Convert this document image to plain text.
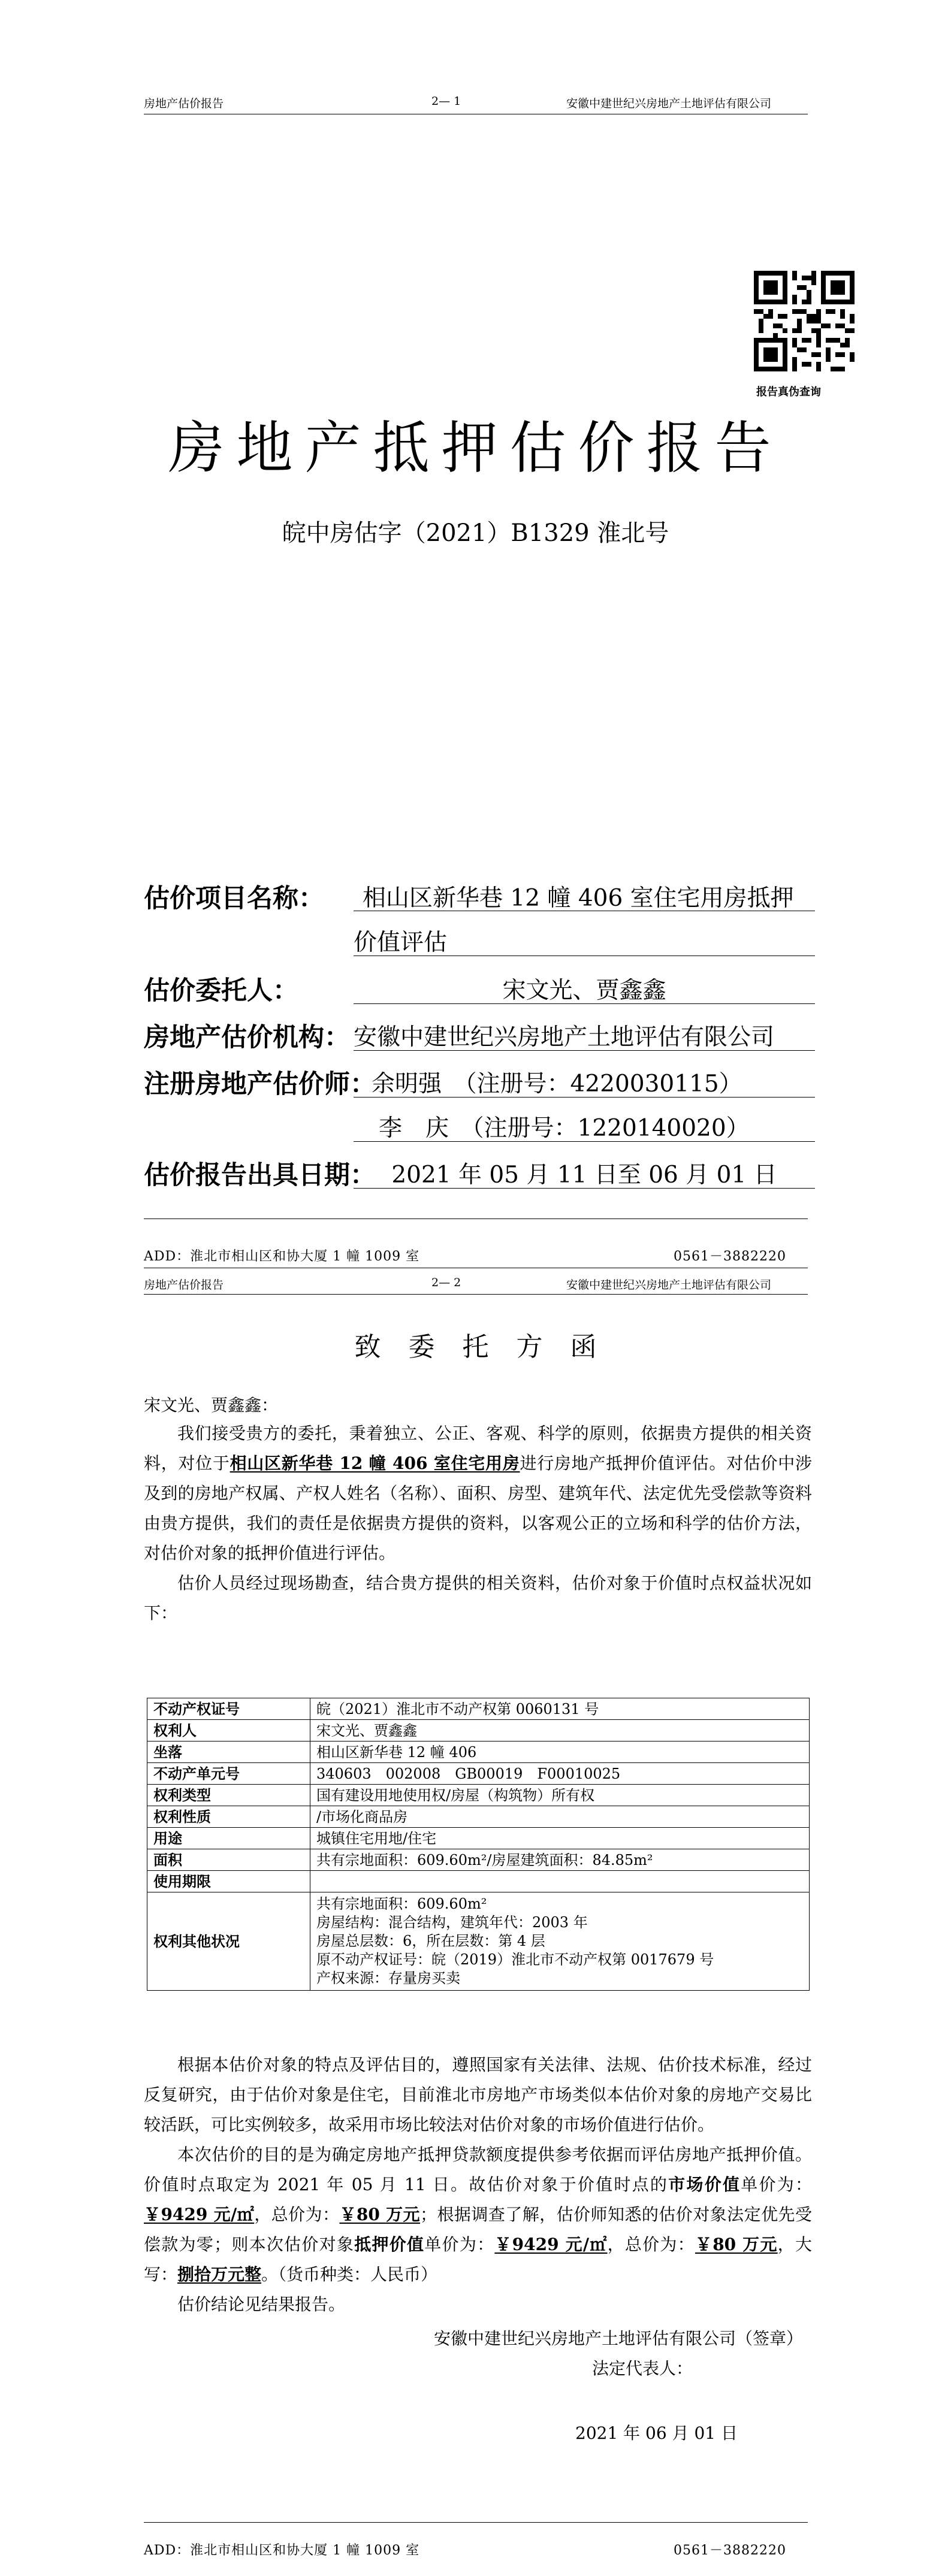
房地产估价报告	2— 1	安徽中建世纪兴房地产土地评估有限公司
报告真伪查询
房地产抵押估价报告
皖中房估字（2021）B1329 淮北号
估价项目名称： 相山区新华巷 12 幢 406 室住宅用房抵押
价值评估
估价委托人：	宋文光、贾鑫鑫
房地产估价机构： 安徽中建世纪兴房地产土地评估有限公司
注册房地产估价师：
余明强　（注册号：4220030115）
李　庆　（注册号：1220140020）
估价报告出具日期： 2021 年 05 月 11 日至 06 月 01 日
ADD：淮北市相山区和协大厦 1 幢 1009 室	0561－3882220
房地产估价报告	2— 2	安徽中建世纪兴房地产土地评估有限公司
致委托方函
宋文光、贾鑫鑫：

我们接受贵方的委托，秉着独立、公正、客观、科学的原则，依据贵方提供的相关资料，对位于相山区新华巷 12 幢 406 室住宅用房进行房地产抵押价值评估。对估价中涉及到的房地产权属、产权人姓名（名称）、面积、房型、建筑年代、法定优先受偿款等资料由贵方提供，我们的责任是依据贵方提供的资料，以客观公正的立场和科学的估价方法，对估价对象的抵押价值进行评估。

估价人员经过现场勘查，结合贵方提供的相关资料，估价对象于价值时点权益状况如下：

不动产权证号	皖（2021）淮北市不动产权第 0060131 号
权利人	宋文光、贾鑫鑫
坐落	相山区新华巷 12 幢 406
不动产单元号	340603　002008　GB00019　F00010025
权利类型	国有建设用地使用权/房屋（构筑物）所有权
权利性质	/市场化商品房
用途	城镇住宅用地/住宅
面积	共有宗地面积：609.60m²/房屋建筑面积：84.85m²
使用期限	
权利其他状况	共有宗地面积：609.60m²
房屋结构：混合结构，建筑年代：2003 年
房屋总层数：6，所在层数：第 4 层
原不动产权证号：皖（2019）淮北市不动产权第 0017679 号
产权来源：存量房买卖

根据本估价对象的特点及评估目的，遵照国家有关法律、法规、估价技术标准，经过反复研究，由于估价对象是住宅，目前淮北市房地产市场类似本估价对象的房地产交易比较活跃，可比实例较多，故采用市场比较法对估价对象的市场价值进行估价。

本次估价的目的是为确定房地产抵押贷款额度提供参考依据而评估房地产抵押价值。价值时点取定为 2021 年 05 月 11 日。故估价对象于价值时点的市场价值单价为：￥9429 元/㎡，总价为：￥80 万元；根据调查了解，估价师知悉的估价对象法定优先受偿款为零；则本次估价对象抵押价值单价为：￥9429 元/㎡，总价为：￥80 万元，大写：捌拾万元整。（货币种类：人民币）

估价结论见结果报告。

安徽中建世纪兴房地产土地评估有限公司（签章）
法定代表人：
2021 年 06 月 01 日
ADD：淮北市相山区和协大厦 1 幢 1009 室	0561－3882220
